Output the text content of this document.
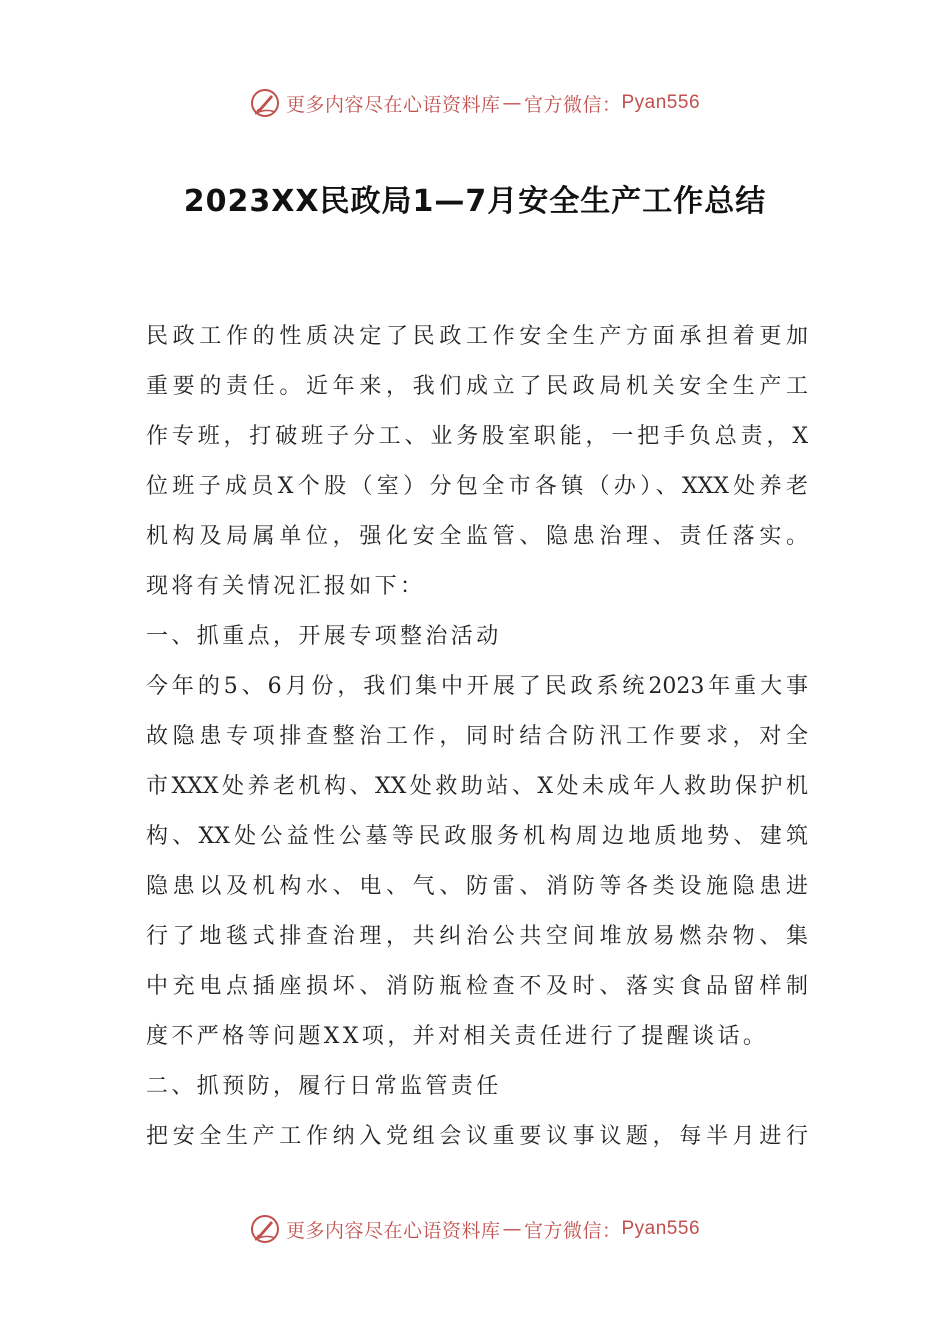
更多内容尽在心语资料库 — 官方微信： Pyan556
2023XX民政局1—7月安全生产工作总结
民政工作的性质决定了民政工作安全生产方面承担着更加
重要的责任。近年来，我们成立了民政局机关安全生产工
作专班，打破班子分工、业务股室职能，一把手负总责，X
位班子成员X个股（室）分包全市各镇（办）、XXX处养老
机构及局属单位，强化安全监管、隐患治理、责任落实。
现将有关情况汇报如下：
一、抓重点，开展专项整治活动
今年的5、6月份，我们集中开展了民政系统2023年重大事
故隐患专项排查整治工作，同时结合防汛工作要求，对全
市XXX处养老机构、XX处救助站、X处未成年人救助保护机
构、XX处公益性公墓等民政服务机构周边地质地势、建筑
隐患以及机构水、电、气、防雷、消防等各类设施隐患进
行了地毯式排查治理，共纠治公共空间堆放易燃杂物、集
中充电点插座损坏、消防瓶检查不及时、落实食品留样制
度不严格等问题XX项，并对相关责任进行了提醒谈话。
二、抓预防，履行日常监管责任
把安全生产工作纳入党组会议重要议事议题，每半月进行
更多内容尽在心语资料库 — 官方微信： Pyan556
